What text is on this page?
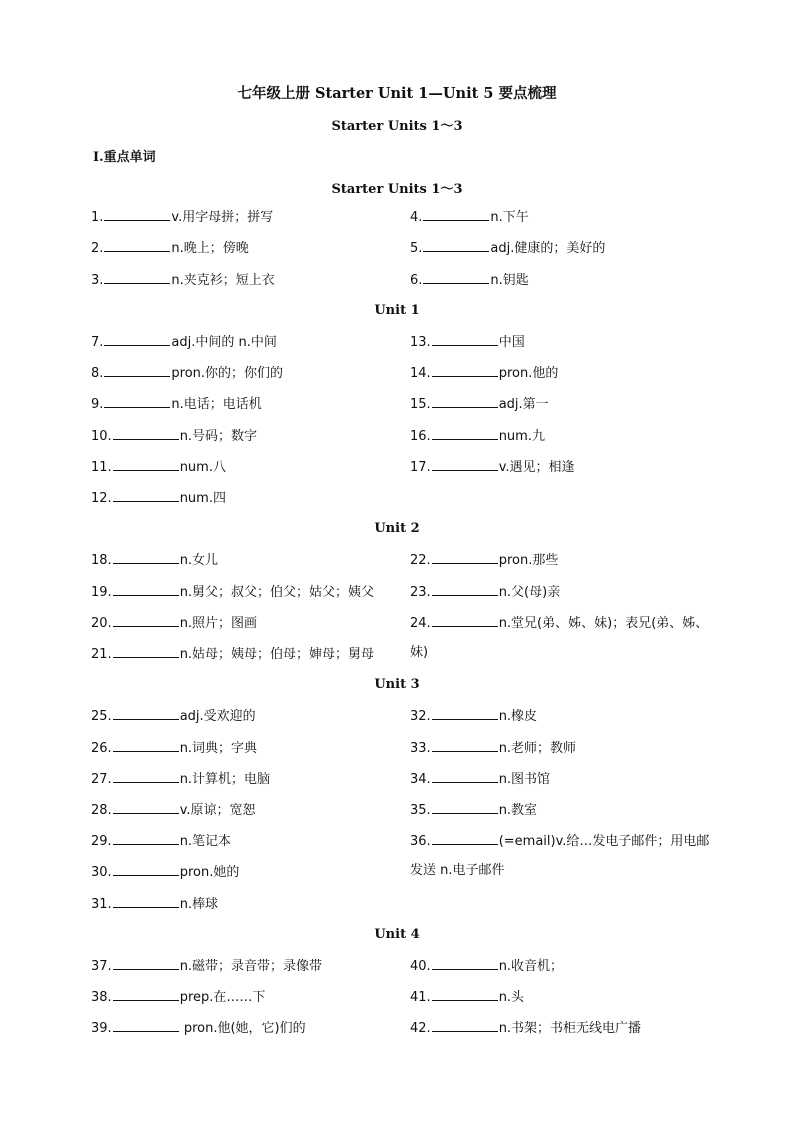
七年级上册 Starter Unit 1—Unit 5 要点梳理
Starter Units 1～3
Ⅰ.重点单词
Starter Units 1～3
Unit 1
Unit 2
Unit 3
Unit 4
1.	v.用字母拼；拼写
2.	n.晚上；傍晚
3.	n.夹克衫；短上衣
4.	n.下午
5.	adj.健康的；美好的
6.	n.钥匙
7.	adj.中间的 n.中间
8.	pron.你的；你们的
9.	n.电话；电话机
10.	n.号码；数字
11.	num.八
12.	num.四
13.	中国
14.	pron.他的
15.	adj.第一
16.	num.九
17.	v.遇见；相逢
18.	n.女儿
19.	n.舅父；叔父；伯父；姑父；姨父
20.	n.照片；图画
21.	n.姑母；姨母；伯母；婶母；舅母
22.	pron.那些
23.	n.父(母)亲
24.	n.堂兄(弟、姊、妹)；表兄(弟、姊、
妹)
25.	adj.受欢迎的
26.	n.词典；字典
27.	n.计算机；电脑
28.	v.原谅；宽恕
29.	n.笔记本
30.	pron.她的
31.	n.棒球
32.	n.橡皮
33.	n.老师；教师
34.	n.图书馆
35.	n.教室
36.	(=email)v.给…发电子邮件；用电邮
发送 n.电子邮件
37.	n.磁带；录音带；录像带
38.	prep.在……下
39.	pron.他(她，它)们的
40.	n.收音机；
41.	n.头
42.	n.书架；书柜无线电广播
